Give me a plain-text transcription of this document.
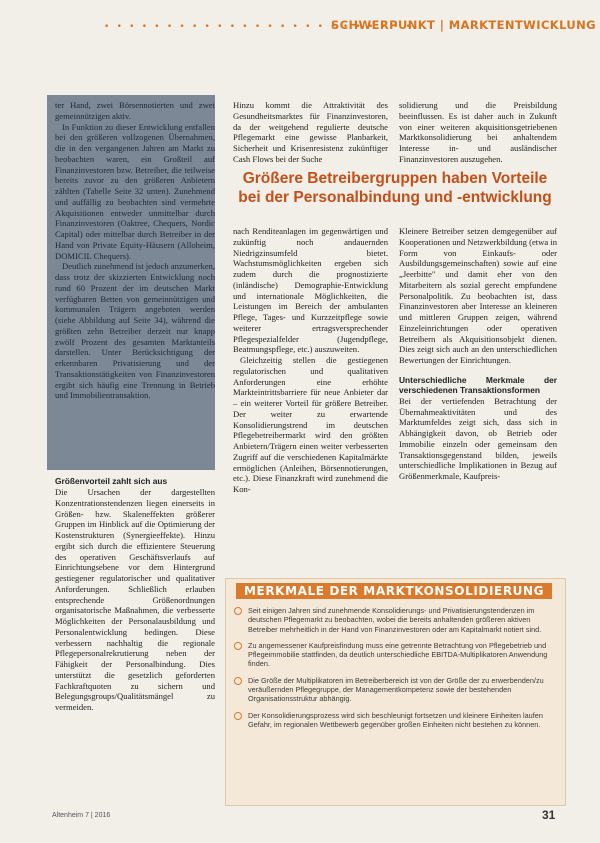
• • • • • • • • • • • • • • • • • • • • • • • • •
SCHWERPUNKT | MARKTENTWICKLUNG

ter Hand, zwei Börsennotierten und zwei gemeinnützigen aktiv.

In Funktion zu dieser Entwicklung entfallen bei den größeren vollzogenen Übernahmen, die in den vergangenen Jahren am Markt zu beobachten waren, ein Großteil auf Finanzinvestoren bzw. Betreiber, die teilweise bereits zuvor zu den größeren Anbietern zählten (Tabelle Seite 32 unten). Zunehmend und auffällig zu beobachten sind vermehrte Akquisitionen entweder unmittelbar durch Finanzinvestoren (Oaktree, Chequers, Nordic Capital) oder mittelbar durch Betreiber in der Hand von Private Equity-Häusern (Alloheim, DOMICIL Chequers).

Deutlich zunehmend ist jedoch anzumerken, dass trotz der skizzierten Entwicklung noch rund 60 Prozent der im deutschen Markt verfügbaren Betten von gemeinnützigen und kommunalen Trägern angeboten werden (siehe Abbildung auf Seite 34), während die größten zehn Betreiber derzeit nur knapp zwölf Prozent des gesamten Marktanteils darstellen. Unter Berücksichtigung der erkennbaren Privatisierung und der Transaktionstätigkeiten von Finanzinvestoren ergibt sich häufig eine Trennung in Betrieb und Immobilientransaktion.

Größenvorteil zahlt sich aus

Die Ursachen der dargestellten Konzentrationstendenzen liegen einerseits in Größen- bzw. Skaleneffekten größerer Gruppen im Hinblick auf die Optimierung der Kostenstrukturen (Synergieeffekte). Hinzu ergibt sich durch die effizientere Steuerung des operativen Geschäftsverlaufs auf Einrichtungsebene vor dem Hintergrund gestiegener regulatorischer und qualitativer Anforderungen. Schließlich erlauben entsprechende Größenordnungen organisatorische Maßnahmen, die verbesserte Möglichkeiten der Personalausbildung und Personalentwicklung bedingen. Diese verbessern nachhaltig die regionale Pflegepersonalrekrutierung neben der Fähigkeit der Personalbindung. Dies unterstützt die gesetzlich geforderten Fachkraftquoten zu sichern und Belegungsgroups/Qualitätsmängel zu vermeiden.

Hinzu kommt die Attraktivität des Gesundheitsmarktes für Finanzinvestoren, da der weitgehend regulierte deutsche Pflegemarkt eine gewisse Planbarkeit, Sicherheit und Krisenresistenz zukünftiger Cash Flows bei der Suche

solidierung und die Preisbildung beeinflussen. Es ist daher auch in Zukunft von einer weiteren akquisitionsgetriebenen Marktkonsolidierung bei anhaltendem Interesse in- und ausländischer Finanzinvestoren auszugehen.

Größere Betreibergruppen haben Vorteile
bei der Personalbindung und -entwicklung

nach Renditeanlagen im gegenwärtigen und zukünftig noch andauernden Niedrigzinsumfeld bietet. Wachstumsmöglichkeiten ergeben sich zudem durch die prognostizierte (inländische) Demographie-Entwicklung und internationale Möglichkeiten, die Leistungen im Bereich der ambulanten Pflege, Tages- und Kurzzeitpflege sowie weiterer ertragsversprechender Pflegespezialfelder (Jugendpflege, Beatmungspflege, etc.) auszuweiten.

Gleichzeitig stellen die gestiegenen regulatorischen und qualitativen Anforderungen eine erhöhte Markteintrittsbarriere für neue Anbieter dar – ein weiterer Vorteil für größere Betreiber. Der weiter zu erwartende Konsolidierungstrend im deutschen Pflegebetreibermarkt wird den größten Anbietern/Trägern einen weiter verbesserten Zugriff auf die verschiedenen Kapitalmärkte ermöglichen (Anleihen, Börsennotierungen, etc.). Diese Finanzkraft wird zunehmend die Kon-

Kleinere Betreiber setzen demgegenüber auf Kooperationen und Netzwerkbildung (etwa in Form von Einkaufs- oder Ausbildungsgemeinschaften) sowie auf eine „Jeerbitte" und damit eher von den Mitarbeitern als sozial gerecht empfundene Personalpolitik. Zu beobachten ist, dass Finanzinvestoren aber Interesse an kleineren und mittleren Gruppen zeigen, während Einzeleinrichtungen oder operativen Betreibern als Akquisitionsobjekt dienen. Dies zeigt sich auch an den unterschiedlichen Bewertungen der Einrichtungen.

Unterschiedliche Merkmale der verschiedenen Transaktionsformen

Bei der vertiefenden Betrachtung der Übernahmeaktivitäten und des Marktumfeldes zeigt sich, dass sich in Abhängigkeit davon, ob Betrieb oder Immobilie einzeln oder gemeinsam den Transaktionsgegenstand bilden, jeweils unterschiedliche Implikationen in Bezug auf Größenmerkmale, Kaufpreis-

MERKMALE DER MARKTKONSOLIDIERUNG
Seit einigen Jahren sind zunehmende Konsolidierungs- und Privatisierungstendenzen im deutschen Pflegemarkt zu beobachten, wobei die bereits anhaltenden größeren aktiven Betreiber mehrheitlich in der Hand von Finanzinvestoren oder am Kapitalmarkt notiert sind.
Zu angemessener Kaufpreisfindung muss eine getrennte Betrachtung von Pflegebetrieb und Pflegeimmobilie stattfinden, da deutlich unterschiedliche EBITDA-Multiplikatoren Anwendung finden.
Die Größe der Multiplikatoren im Betreiberbereich ist von der Größe der zu erwerbenden/zu veräußernden Pflegegruppe, der Managementkompetenz sowie der bestehenden Organisationsstruktur abhängig.
Der Konsolidierungsprozess wird sich beschleunigt fortsetzen und kleinere Einheiten laufen Gefahr, im regionalen Wettbewerb gegenüber großen Einheiten nicht bestehen zu können.
Altenheim 7 | 2016	31
